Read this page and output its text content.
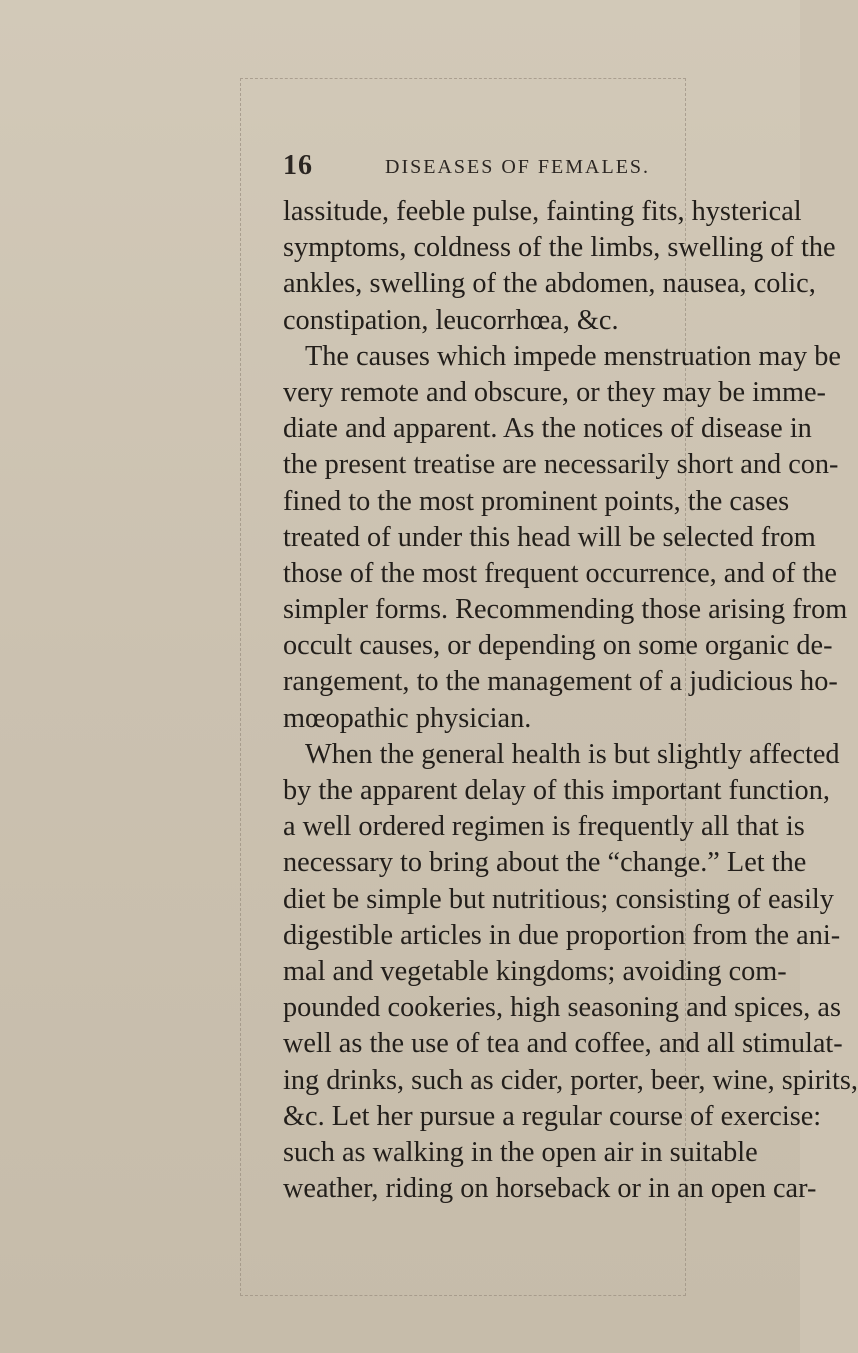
16	DISEASES OF FEMALES.
lassitude, feeble pulse, fainting fits, hysterical
symptoms, coldness of the limbs, swelling of the
ankles, swelling of the abdomen, nausea, colic,
constipation, leucorrhœa, &c.
The causes which impede menstruation may be
very remote and obscure, or they may be imme-
diate and apparent. As the notices of disease in
the present treatise are necessarily short and con-
fined to the most prominent points, the cases
treated of under this head will be selected from
those of the most frequent occurrence, and of the
simpler forms. Recommending those arising from
occult causes, or depending on some organic de-
rangement, to the management of a judicious ho-
mœopathic physician.
When the general health is but slightly affected
by the apparent delay of this important function,
a well ordered regimen is frequently all that is
necessary to bring about the “change.” Let the
diet be simple but nutritious; consisting of easily
digestible articles in due proportion from the ani-
mal and vegetable kingdoms; avoiding com-
pounded cookeries, high seasoning and spices, as
well as the use of tea and coffee, and all stimulat-
ing drinks, such as cider, porter, beer, wine, spirits,
&c. Let her pursue a regular course of exercise:
such as walking in the open air in suitable
weather, riding on horseback or in an open car-
